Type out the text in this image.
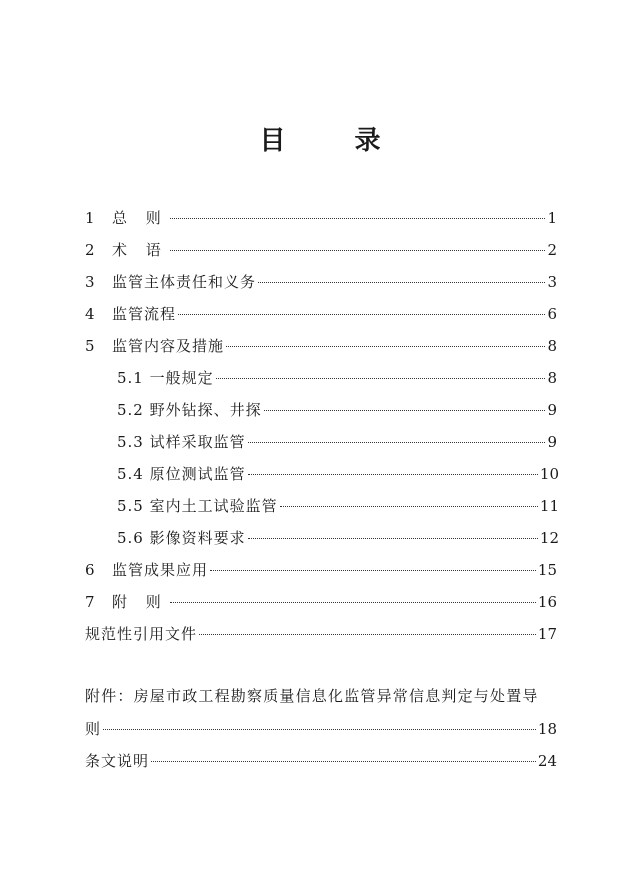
目 录
1	总 则	1
2	术 语	2
3	监管主体责任和义务	3
4	监管流程	6
5	监管内容及措施	8
5.1 一般规定	8
5.2 野外钻探、井探	9
5.3 试样采取监管	9
5.4 原位测试监管	10
5.5 室内土工试验监管	11
5.6 影像资料要求	12
6	监管成果应用	15
7	附 则	16
规范性引用文件	17
附件：房屋市政工程勘察质量信息化监管异常信息判定与处置导
则	18
条文说明	24
